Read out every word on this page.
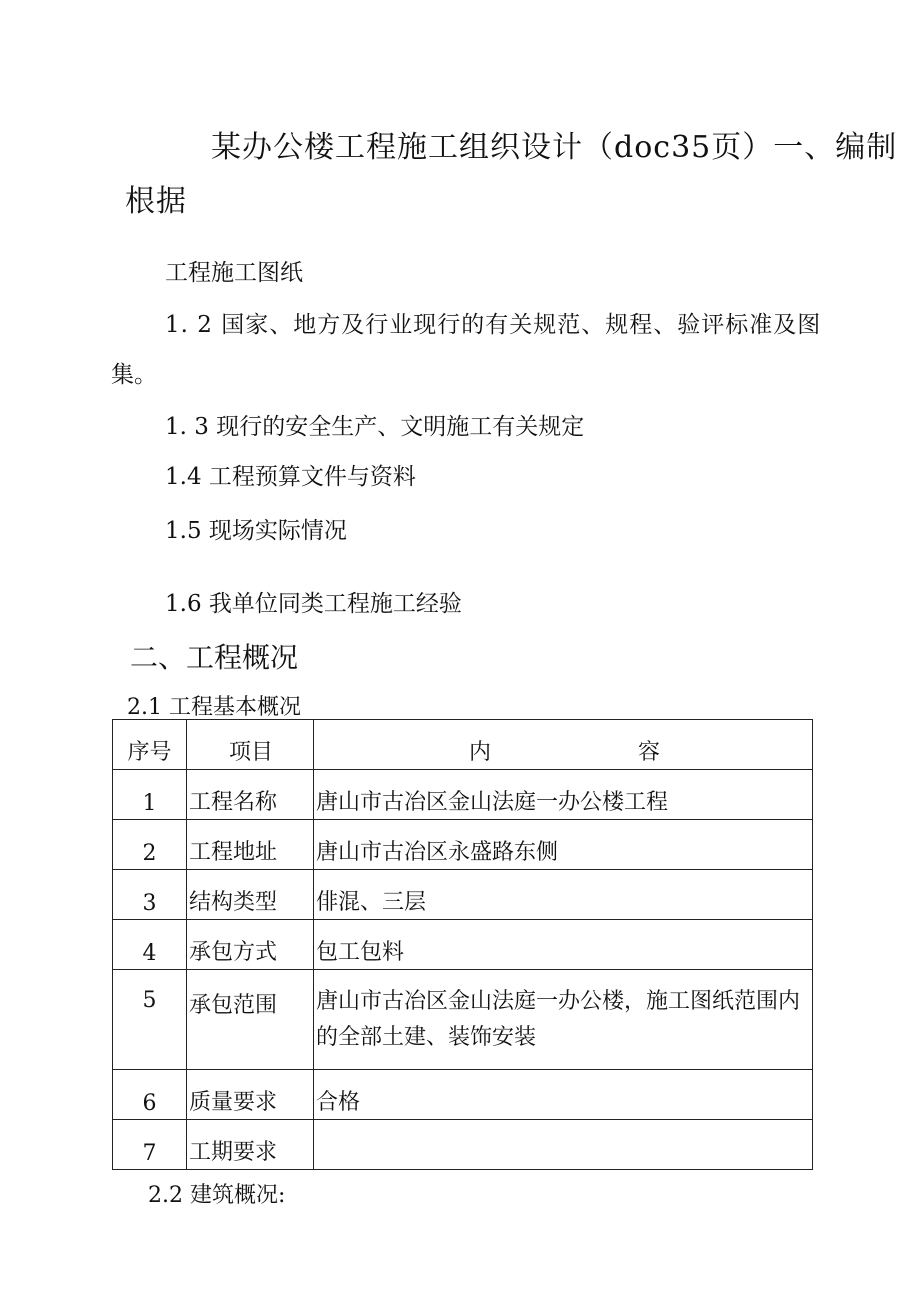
某办公楼工程施工组织设计（doc35页）一、编制
根据
工程施工图纸
1. 2 国家、地方及行业现行的有关规范、规程、验评标准及图
集。
1. 3 现行的安全生产、文明施工有关规定
1.4 工程预算文件与资料
1.5 现场实际情况
1.6 我单位同类工程施工经验
二、工程概况
2.1 工程基本概况
序号	项目	内 容

1	工程名称	唐山市古冶区金山法庭一办公楼工程
2	工程地址	唐山市古冶区永盛路东侧
3	结构类型	俳混、三层
4	承包方式	包工包料
5	承包范围	唐山市古冶区金山法庭一办公楼，施工图纸范围内的全部土建、装饰安装
6	质量要求	合格
7	工期要求	
2.2 建筑概况:
